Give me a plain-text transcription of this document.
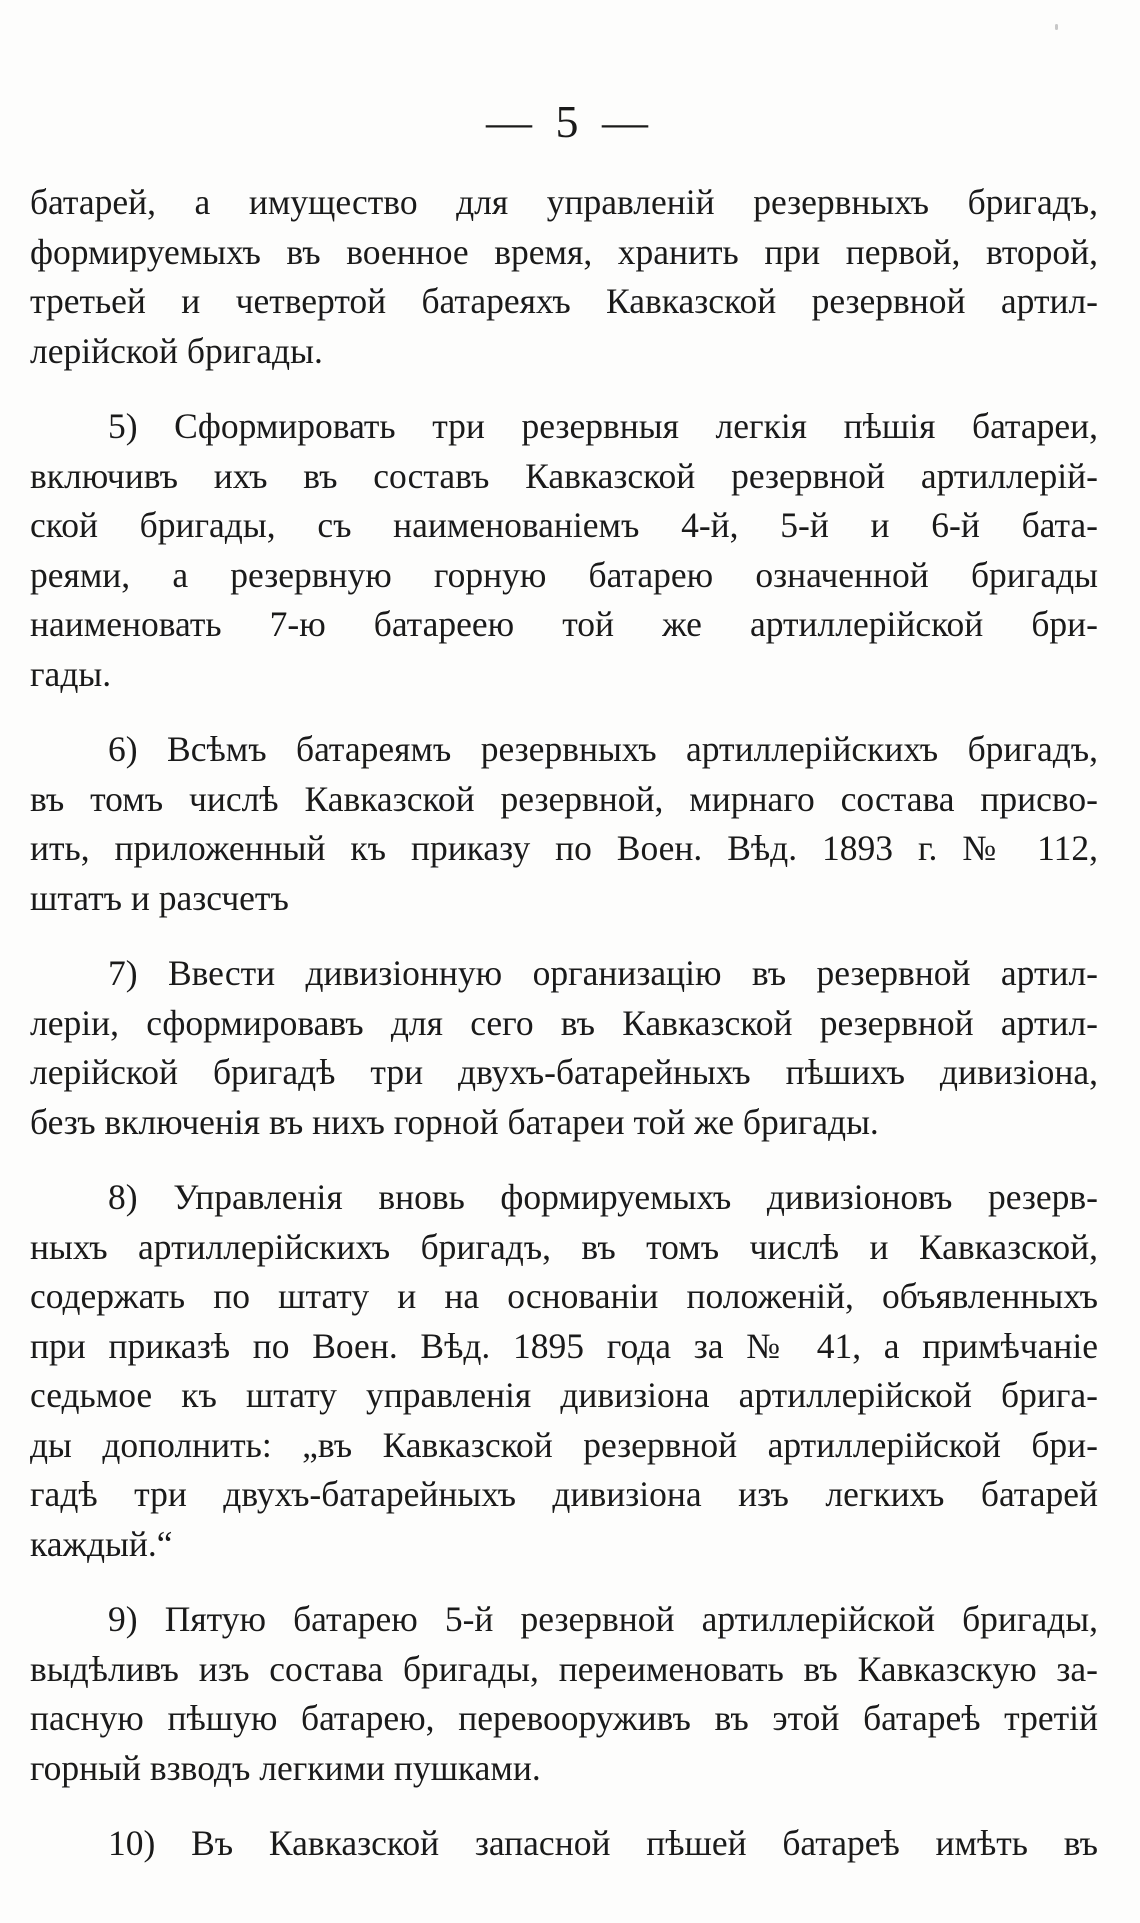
— 5 —
батарей, а имущество для управленій резервныхъ бригадъ,
формируемыхъ въ военное время, хранить при первой, второй,
третьей и четвертой батареяхъ Кавказской резервной артил-
лерійской бригады.
5) Сформировать три резервныя легкія пѣшія батареи,
включивъ ихъ въ составъ Кавказской резервной артиллерій-
ской бригады, съ наименованіемъ 4-й, 5-й и 6-й бата-
реями, а резервную горную батарею означенной бригады
наименовать 7-ю батареею той же артиллерійской бри-
гады.
6) Всѣмъ батареямъ резервныхъ артиллерійскихъ бригадъ,
въ томъ числѣ Кавказской резервной, мирнаго состава присво-
ить, приложенный къ приказу по Воен. Вѣд. 1893 г. № 112,
штатъ и разсчетъ
7) Ввести дивизіонную организацію въ резервной артил-
леріи, сформировавъ для сего въ Кавказской резервной артил-
лерійской бригадѣ три двухъ-батарейныхъ пѣшихъ дивизіона,
безъ включенія въ нихъ горной батареи той же бригады.
8) Управленія вновь формируемыхъ дивизіоновъ резерв-
ныхъ артиллерійскихъ бригадъ, въ томъ числѣ и Кавказской,
содержать по штату и на основаніи положеній, объявленныхъ
при приказѣ по Воен. Вѣд. 1895 года за № 41, а примѣчаніе
седьмое къ штату управленія дивизіона артиллерійской брига-
ды дополнить: „въ Кавказской резервной артиллерійской бри-
гадѣ три двухъ-батарейныхъ дивизіона изъ легкихъ батарей
каждый.“
9) Пятую батарею 5-й резервной артиллерійской бригады,
выдѣливъ изъ состава бригады, переименовать въ Кавказскую за-
пасную пѣшую батарею, перевооруживъ въ этой батареѣ третій
горный взводъ легкими пушками.
10) Въ Кавказской запасной пѣшей батареѣ имѣть въ
